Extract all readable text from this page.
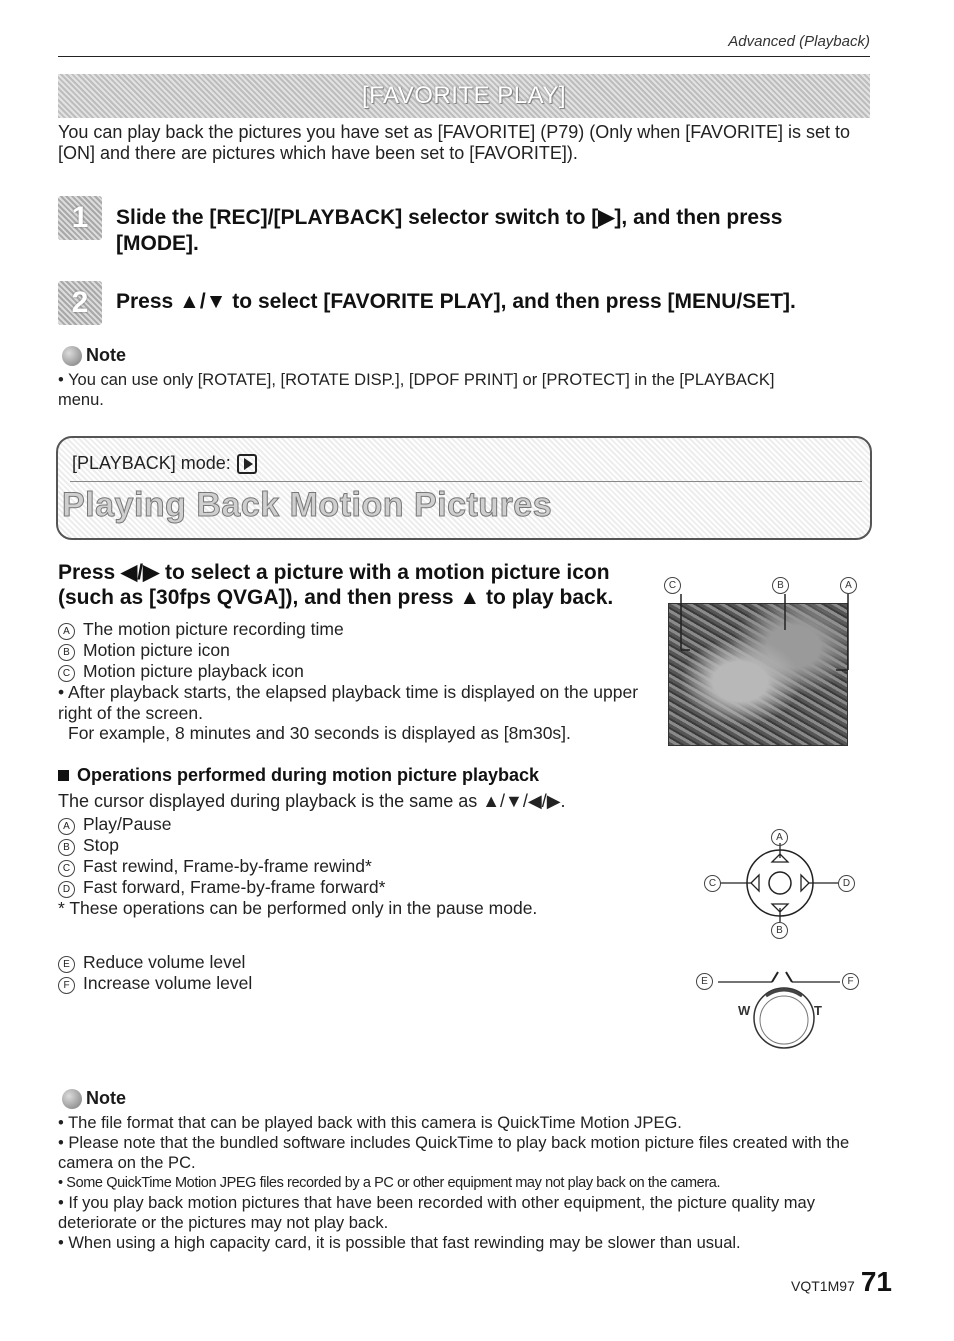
Advanced (Playback)
[FAVORITE PLAY]
You can play back the pictures you have set as [FAVORITE] (P79) (Only when [FAVORITE] is set to [ON] and there are pictures which have been set to [FAVORITE]).
1 Slide the [REC]/[PLAYBACK] selector switch to [▶], and then press [MODE].
2 Press ▲/▼ to select [FAVORITE PLAY], and then press [MENU/SET].
Note
• You can use only [ROTATE], [ROTATE DISP.], [DPOF PRINT] or [PROTECT] in the [PLAYBACK] menu.
[PLAYBACK] mode:
Playing Back Motion Pictures
Press ◀/▶ to select a picture with a motion picture icon (such as [30fps QVGA]), and then press ▲ to play back.
A The motion picture recording time
B Motion picture icon
C Motion picture playback icon
• After playback starts, the elapsed playback time is displayed on the upper right of the screen.
For example, 8 minutes and 30 seconds is displayed as [8m30s].
C	B	A
Operations performed during motion picture playback
The cursor displayed during playback is the same as ▲/▼/◀/▶.
A Play/Pause
B Stop
C Fast rewind, Frame-by-frame rewind*
D Fast forward, Frame-by-frame forward*
* These operations can be performed only in the pause mode.
E Reduce volume level
F Increase volume level
A
B
C	D
E	F
W	T
Note
• The file format that can be played back with this camera is QuickTime Motion JPEG.
• Please note that the bundled software includes QuickTime to play back motion picture files created with the camera on the PC.
• Some QuickTime Motion JPEG files recorded by a PC or other equipment may not play back on the camera.
• If you play back motion pictures that have been recorded with other equipment, the picture quality may deteriorate or the pictures may not play back.
• When using a high capacity card, it is possible that fast rewinding may be slower than usual.
VQT1M97 71
